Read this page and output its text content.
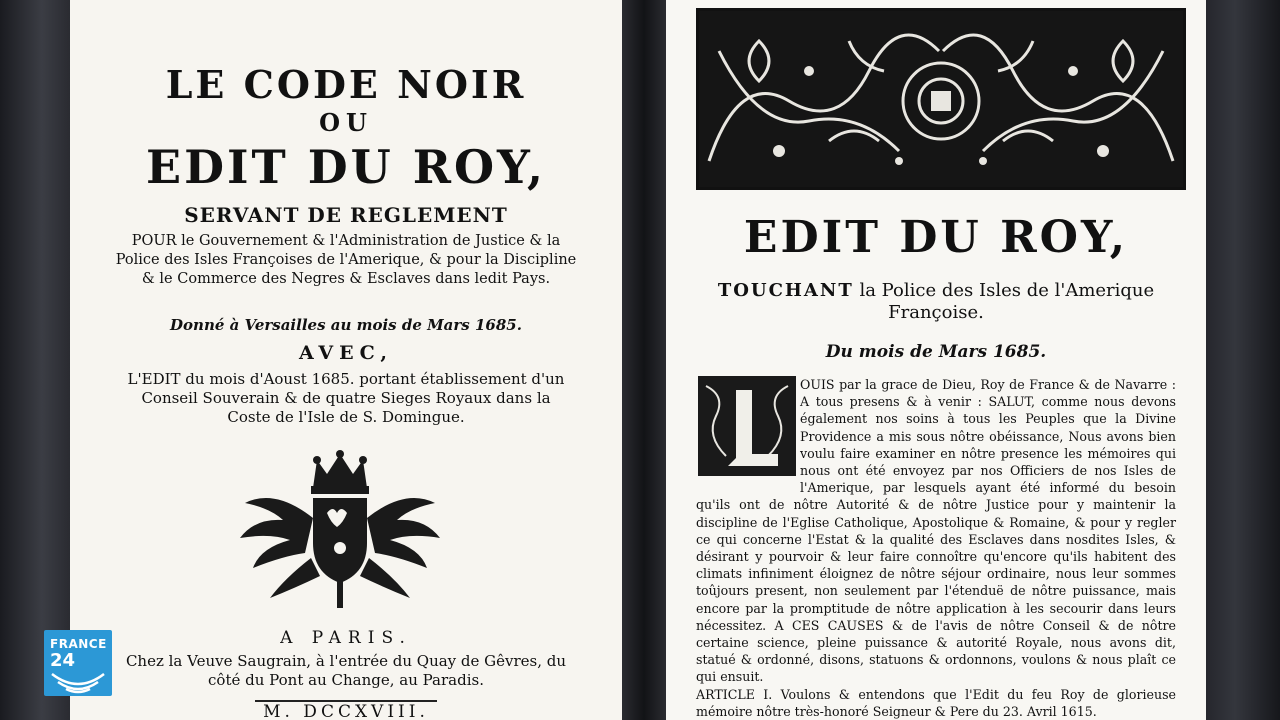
LE CODE NOIR
OU
EDIT DU ROY,
SERVANT DE REGLEMENT
POUR le Gouvernement & l'Administration de Justice & la Police des Isles Françoises de l'Amerique, & pour la Discipline & le Commerce des Negres & Esclaves dans ledit Pays.
Donné à Versailles au mois de Mars 1685.
AVEC,
L'EDIT du mois d'Aoust 1685. portant établissement d'un Conseil Souverain & de quatre Sieges Royaux dans la Coste de l'Isle de S. Domingue.
A PARIS.
Chez la Veuve Saugrain, à l'entrée du Quay de Gêvres, du côté du Pont au Change, au Paradis.
M. DCCXVIII.
EDIT DU ROY,
TOUCHANT la Police des Isles de l'Amerique Françoise.
Du mois de Mars 1685.
OUIS par la grace de Dieu, Roy de France & de Navarre : A tous presens & à venir : SALUT, comme nous devons également nos soins à tous les Peuples que la Divine Providence a mis sous nôtre obéissance, Nous avons bien voulu faire examiner en nôtre presence les mémoires qui nous ont été envoyez par nos Officiers de nos Isles de l'Amerique, par lesquels ayant été informé du besoin qu'ils ont de nôtre Autorité & de nôtre Justice pour y maintenir la discipline de l'Eglise Catholique, Apostolique & Romaine, & pour y regler ce qui concerne l'Estat & la qualité des Esclaves dans nosdites Isles, & désirant y pourvoir & leur faire connoître qu'encore qu'ils habitent des climats infiniment éloignez de nôtre séjour ordinaire, nous leur sommes toûjours present, non seulement par l'étenduë de nôtre puissance, mais encore par la promptitude de nôtre application à les secourir dans leurs nécessitez. A CES CAUSES & de l'avis de nôtre Conseil & de nôtre certaine science, pleine puissance & autorité Royale, nous avons dit, statué & ordonné, disons, statuons & ordonnons, voulons & nous plaît ce qui ensuit.
ARTICLE I. Voulons & entendons que l'Edit du feu Roy de glorieuse mémoire nôtre très-honoré Seigneur & Pere du 23. Avril 1615.
FRANCE
24
